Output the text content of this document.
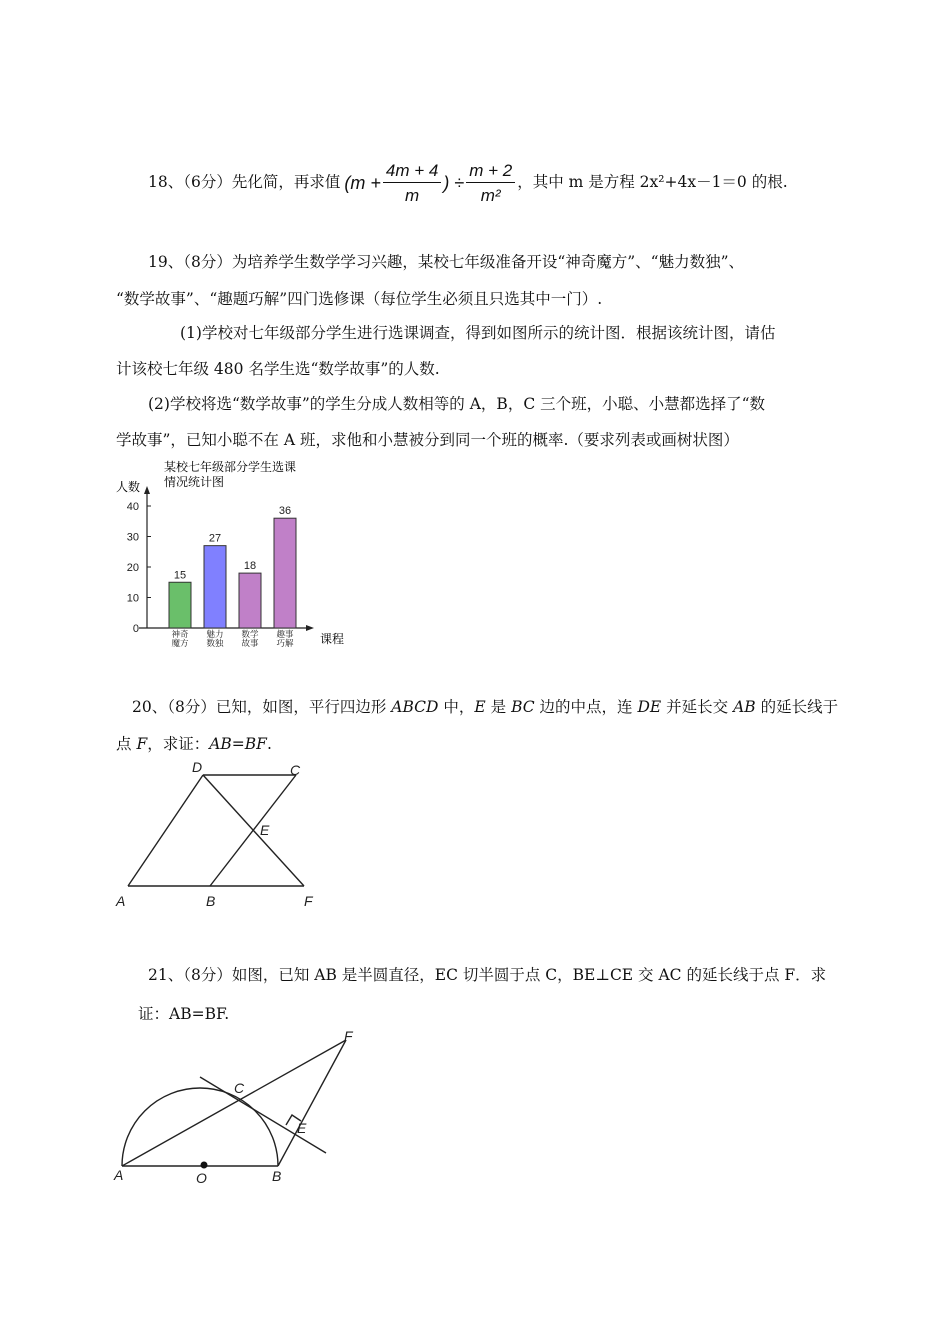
18、（6分）先化简，再求值 ($m + \frac{4m + 4}{m}$ ) ÷ $\frac{m + 2}{\text{m²}}$ ，其中 m 是方程 2x²+4x－1＝0 的根.
19、（8分）为培养学生数学学习兴趣，某校七年级准备开设“神奇魔方”、“魅力数独”、
“数学故事”、“趣题巧解”四门选修课（每位学生必须且只选其中一门）.
(1)学校对七年级部分学生进行选课调查，得到如图所示的统计图．根据该统计图，请估
计该校七年级 480 名学生选“数学故事”的人数.
(2)学校将选“数学故事”的学生分成人数相等的 A，B，C 三个班，小聪、小慧都选择了“数
学故事”，已知小聪不在 A 班，求他和小慧被分到同一个班的概率.（要求列表或画树状图）
某校七年级部分学生选课
情况统计图
人数
0
10
20
30
40
15
27
18
36
神奇
魔方
魅力
数独
数学
故事
趣事
巧解 课程
20、（8分）已知，如图，平行四边形 ABCD 中，E 是 BC 边的中点，连 DE 并延长交 AB 的延长线于
点 F，求证：AB=BF.
D	C
E
A	B	F
21、（8分）如图，已知 AB 是半圆直径，EC 切半圆于点 C，BE⊥CE 交 AC 的延长线于点 F．求
证：AB=BF.
F
C
E
A	O	B
